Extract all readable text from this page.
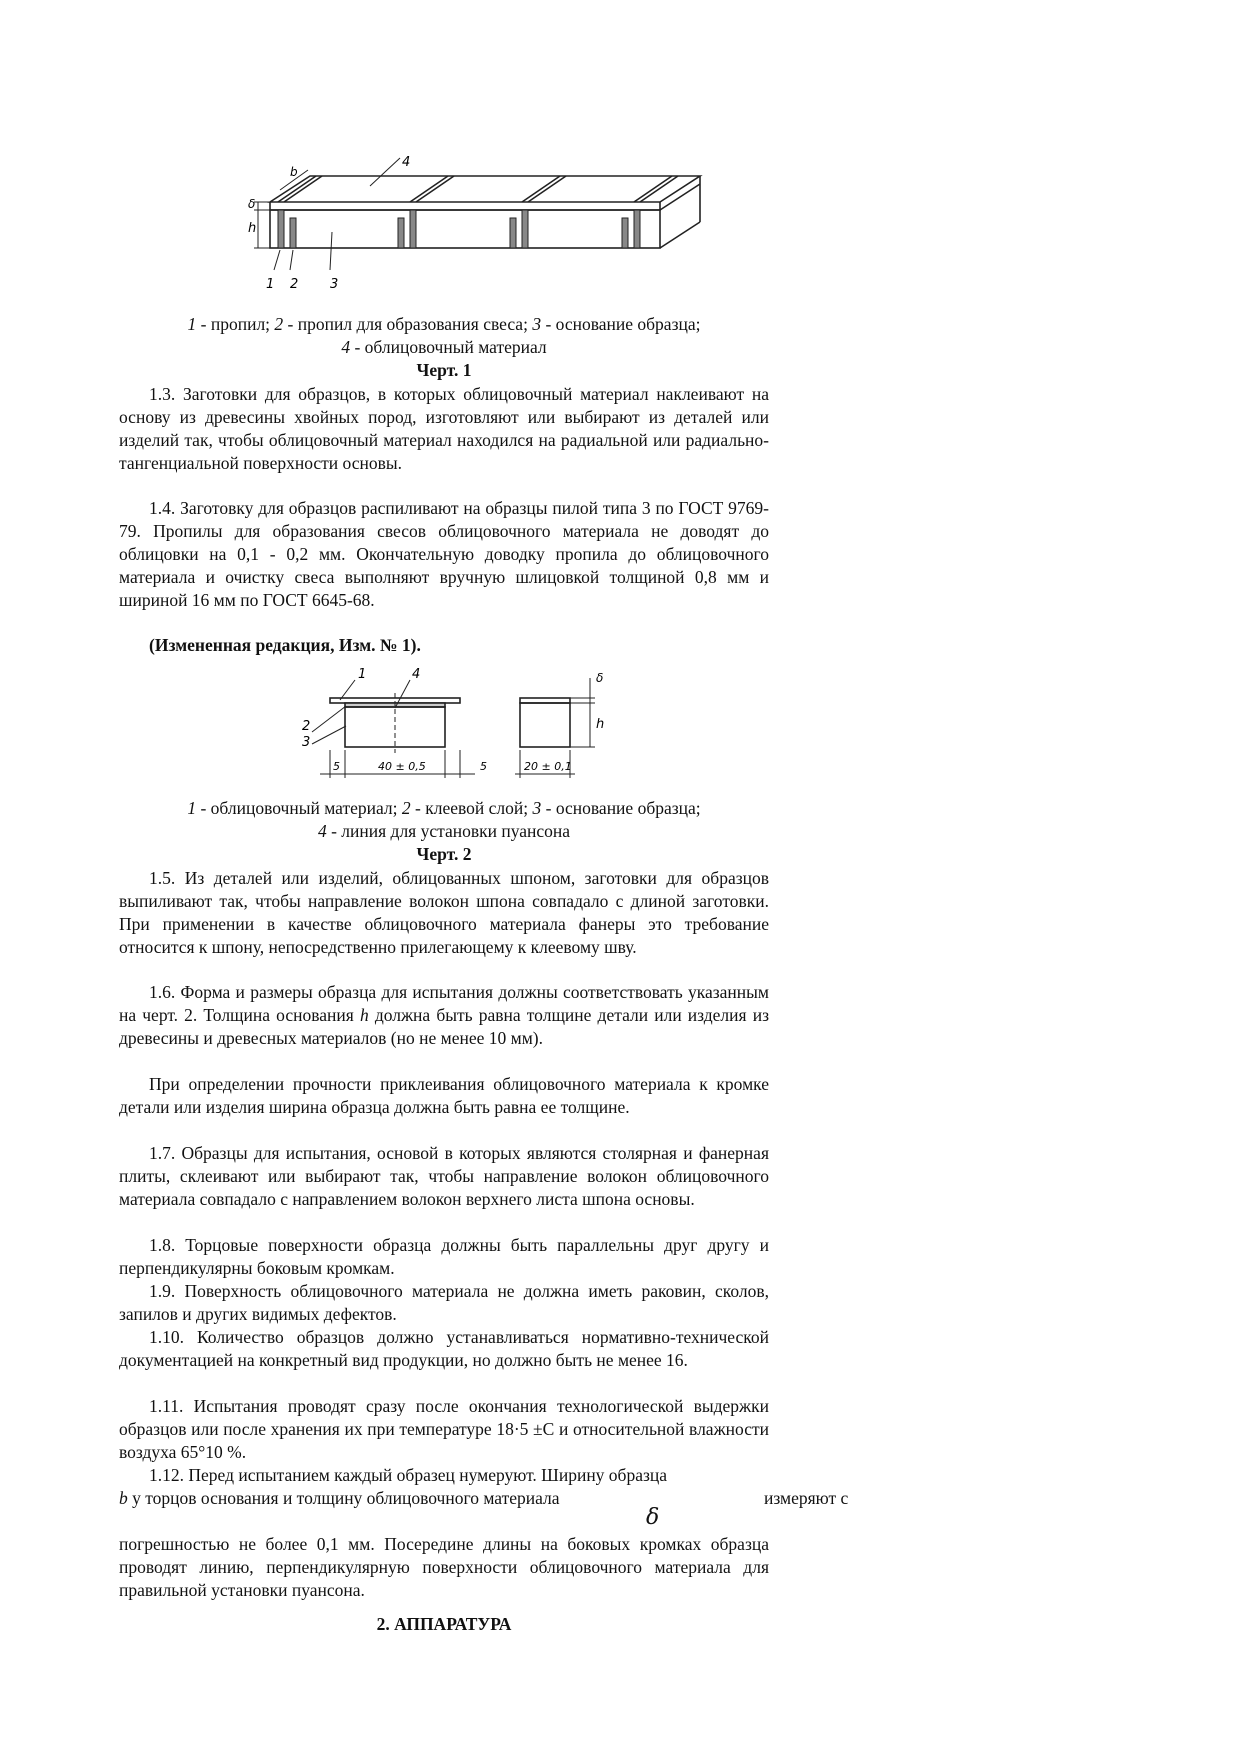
h
δ
b
4
1 2 3
1 - пропил; 2 - пропил для образования свеса; 3 - основание образца;
4 - облицовочный материал
Черт. 1

1.3. Заготовки для образцов, в которых облицовочный материал наклеивают на основу из древесины хвойных пород, изготовляют или выбирают из деталей или изделий так, чтобы облицовочный материал находился на радиальной или радиально-тангенциальной поверхности основы.

1.4. Заготовку для образцов распиливают на образцы пилой типа 3 по ГОСТ 9769-79. Пропилы для образования свесов облицовочного материала не доводят до облицовки на 0,1 - 0,2 мм. Окончательную доводку пропила до облицовочного материала и очистку свеса выполняют вручную шлицовкой толщиной 0,8 мм и шириной 16 мм по ГОСТ 6645-68.

(Измененная редакция, Изм. № 1).
1	4
2
3
5	40 ± 0,5	5	20 ± 0,1
h
δ
1 - облицовочный материал; 2 - клеевой слой; 3 - основание образца;
4 - линия для установки пуансона
Черт. 2

1.5. Из деталей или изделий, облицованных шпоном, заготовки для образцов выпиливают так, чтобы направление волокон шпона совпадало с длиной заготовки. При применении в качестве облицовочного материала фанеры это требование относится к шпону, непосредственно прилегающему к клеевому шву.

1.6. Форма и размеры образца для испытания должны соответствовать указанным на черт. 2. Толщина основания h должна быть равна толщине детали или изделия из древесины и древесных материалов (но не менее 10 мм).

При определении прочности приклеивания облицовочного материала к кромке детали или изделия ширина образца должна быть равна ее толщине.

1.7. Образцы для испытания, основой в которых являются столярная и фанерная плиты, склеивают или выбирают так, чтобы направление волокон облицовочного материала совпадало с направлением волокон верхнего листа шпона основы.

1.8. Торцовые поверхности образца должны быть параллельны друг другу и перпендикулярны боковым кромкам.

1.9. Поверхность облицовочного материала не должна иметь раковин, сколов, запилов и других видимых дефектов.

1.10. Количество образцов должно устанавливаться нормативно-технической документацией на конкретный вид продукции, но должно быть не менее 16.

1.11. Испытания проводят сразу после окончания технологической выдержки образцов или после хранения их при температуре 18·5 ±С и относительной влажности воздуха 65°10 %.

1.12. Перед испытанием каждый образец нумеруют. Ширину образца

b у торцов основания и толщину облицовочного материала	измеряют с
δ

погрешностью не более 0,1 мм. Посередине длины на боковых кромках образца проводят линию, перпендикулярную поверхности облицовочного материала для правильной установки пуансона.

2. АППАРАТУРА
